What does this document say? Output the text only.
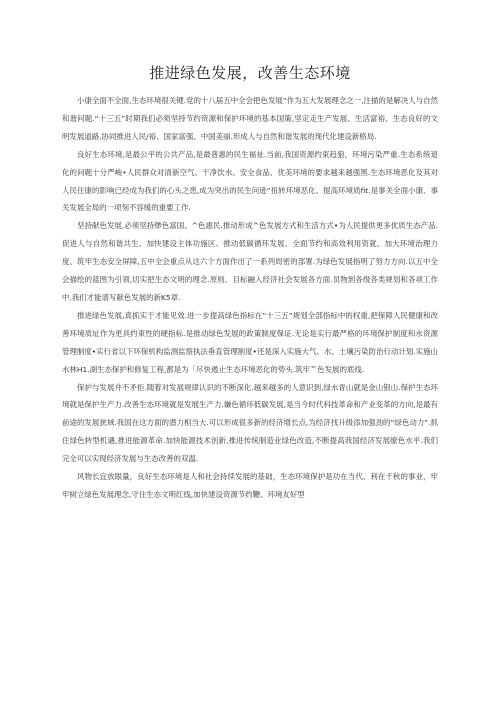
推进绿色发展，改善生态环境

小康全面不全面,生态环境很关键.党的十八届五中全会把色发展”作为五大发展理念之一,注描的是解决人与自然和谐问题.“十三五”时期我们必须坚持节约资源和保护环境的基本国策,坚定走生产发展、生活富裕、生态良好的文明发展道路,协同推进人民/裕、国家富强、中国美丽.形成人与自然和谐发展的现代化建设新格局.

良好生态环境,是最公平的公共产品,是最普惠的民生福祉.当前,我国资源约束趋狼，环境污染严重.生态系统退化的问题十分严峻•人民群众对清新空气、干净饮水、安全食品、优美环境的要求越来越强黑.生态环境恶化及其对人民住康的影响已经成为我们的心头之患,成为突出的民生问逊“扭转环境恶化、提高环境质fit.是事关全面小康、事关发展全局的一项刻不容缓的重要工作.

坚持献色发展,必须坚持缈色富国、^色惠民.推动形成^色发展方式和生活方式•为人民提供更多优质生态产品.促进人与自然和谐共生、加快建设主体功施区、推动低碳循环发展、全面节约和高效利用资就、加大环境治理力度、筑牢生态安全屏障,五中全会重点从这六个方面作出了一系列周密的部署.为绿色发展指明了努力方向.以五中全会描绘的蓝图为引领,切实把生态文明的理念.原则、目标融入经济社会发展各方面.员物到各级各类规划和各项工作中.我们才能谱写献色发展的新K5章.

推进绿色发展,真抓实干才能见效.进一步提高绿色指标在“十三五”规划全部指标中的权重,把保障人民健康和改善环境质址作为更具约束性的硬指标.是推动绿色发展的政策制度保证.无论是实行最严格的环境保护制度和水资源管理制度•实行省以下环保机构监测监察执法垂直管理制度•还是深入实施大气、水、土壤污染防治行动计划.实施山水林H1.湖生态保护和修复工程,都是为「尽快遏止生态环境恶化的势头.筑牢ᄃ色发展的底线.

保护与发展并不矛拒.随着对发展规律认识的不断深化.越来越多的人意识到,绿水青山就是金山银山.保护生态环境就是保护生产力.改善生态环境就是发展生产力.嫌色循环低碳发展,是当今时代科技革命和产业变革的方向,是最有前途的发展狭域.我国在这方面的潜力相当大.可以形成很多新的经济增长点,为经济找升级添加强劲的“绿色动力”.抓住绿色转型机遇,推进能源革命.加快能源技术创新,推进传统制造业绿色改造,不断提高我国经济发展缭色水平.我们完全可以实现经济发展与生态改善的双温.

风物长宜放眼量，良好生态环境是人和社会持续发展的基础，生态环境保护是功在当代、利在千秋的事业，牢牢树立绿色发展理念,守住生态文明红线,加快建设资源节约鞭、环境友好型
